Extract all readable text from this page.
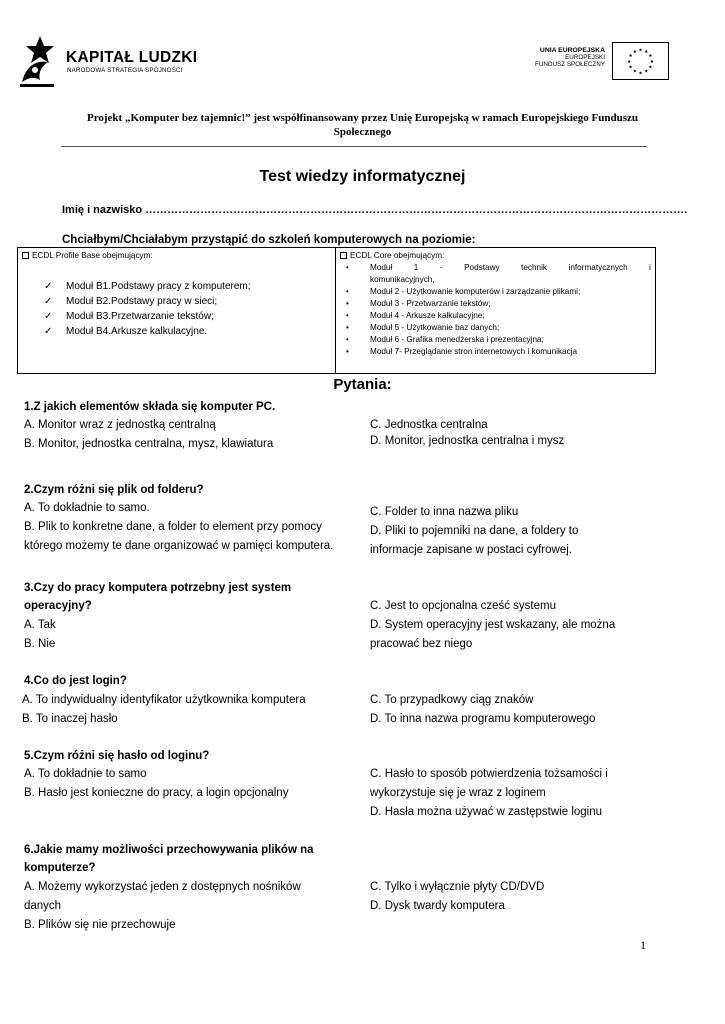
KAPITAŁ LUDZKI
NARODOWA STRATEGIA SPÓJNOŚCI
UNIA EUROPEJSKA
EUROPEJSKI
FUNDUSZ SPOŁECZNY
★ ★
★
★
★
★
★
★
★
★
★
★
Projekt „Komputer bez tajemnic!” jest współfinansowany przez Unię Europejską w ramach Europejskiego Funduszu Społecznego
Test wiedzy informatycznej
Imię i nazwisko ………………………………………………………………………………………………………………………………….
Chciałbym/Chciałabym przystąpić do szkoleń komputerowych na poziomie:
ECDL Profile Base obejmującym:
✓ Moduł B1.Podstawy pracy z komputerem;
✓ Moduł B2.Podstawy pracy w sieci;
✓ Moduł B3.Przetwarzanie tekstów;
✓ Moduł B4.Arkusze kalkulacyjne.
ECDL Core obejmującym:
•	Moduł 1 - Podstawy technik informatycznych i
komunikacyjnych,
•	Moduł 2 - Użytkowanie komputerów i zarządzanie plikami;
•	Moduł 3 - Przetwarzanie tekstów;
•	Moduł 4 - Arkusze kalkulacyjne;
•	Moduł 5 - Użytkowanie baz danych;
•	Moduł 6 - Grafika menedżerska i prezentacyjna;
•	Moduł 7- Przeglądanie stron internetowych i komunikacja
Pytania:
1.Z jakich elementów składa się komputer PC.
A. Monitor wraz z jednostką centralną
B. Monitor, jednostka centralna, mysz, klawiatura
C. Jednostka centralna
D. Monitor, jednostka centralna i mysz
2.Czym różni się plik od folderu?
A. To dokładnie to samo.
B. Plik to konkretne dane, a folder to element przy pomocy
którego możemy te dane organizować w pamięci komputera.
C. Folder to inna nazwa pliku
D. Pliki to pojemniki na dane, a foldery to
informacje zapisane w postaci cyfrowej.
3.Czy do pracy komputera potrzebny jest system
operacyjny?
A. Tak
B. Nie
C. Jest to opcjonalna cześć systemu
D. System operacyjny jest wskazany, ale można
pracować bez niego
4.Co do jest login?
A. To indywidualny identyfikator użytkownika komputera
B. To inaczej hasło
C. To przypadkowy ciąg znaków
D. To inna nazwa programu komputerowego
5.Czym różni się hasło od loginu?
A. To dokładnie to samo
B. Hasło jest konieczne do pracy, a login opcjonalny
C. Hasło to sposób potwierdzenia tożsamości i
wykorzystuje się je wraz z loginem
D. Hasła można używać w zastępstwie loginu
6.Jakie mamy możliwości przechowywania plików na
komputerze?
A. Możemy wykorzystać jeden z dostępnych nośników
danych
B. Plików się nie przechowuje
C. Tylko i wyłącznie płyty CD/DVD
D. Dysk twardy komputera
1
